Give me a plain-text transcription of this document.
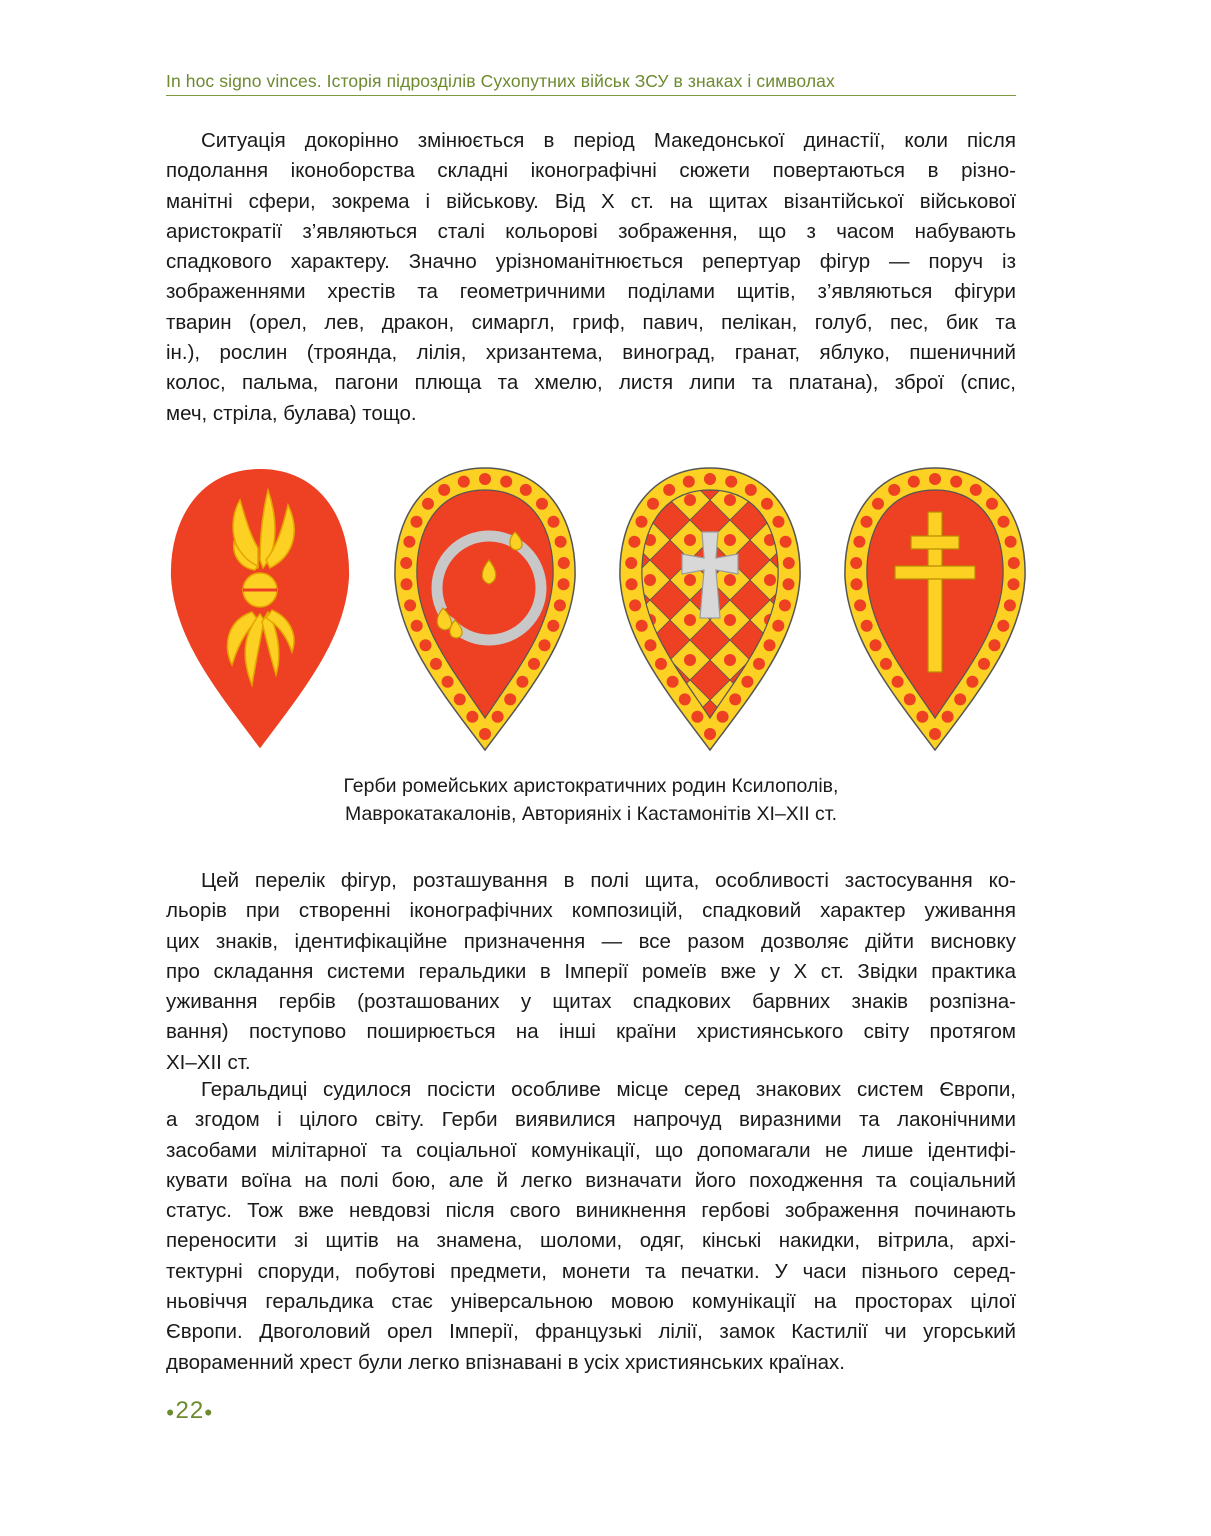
In hoc signo vinces. Історія підрозділів Сухопутних військ ЗСУ в знаках і символах
Ситуація докорінно змінюється в період Македонської династії, коли після
подолання іконоборства складні іконографічні сюжети повертаються в різно-
манітні сфери, зокрема і військову. Від Х ст. на щитах візантійської військової
аристократії з’являються сталі кольорові зображення, що з часом набувають
спадкового характеру. Значно урізноманітнюється репертуар фігур — поруч із
зображеннями хрестів та геометричними поділами щитів, з’являються фігури
тварин (орел, лев, дракон, симаргл, гриф, павич, пелікан, голуб, пес, бик та
ін.), рослин (троянда, лілія, хризантема, виноград, гранат, яблуко, пшеничний
колос, пальма, пагони плюща та хмелю, листя липи та платана), зброї (спис,
меч, стріла, булава) тощо.
Герби ромейських аристократичних родин Ксилополів,
Маврокатакалонів, Авторияніх і Кастамонітів ХІ–ХІІ ст.
Цей перелік фігур, розташування в полі щита, особливості застосування ко-
льорів при створенні іконографічних композицій, спадковий характер уживання
цих знаків, ідентифікаційне призначення — все разом дозволяє дійти висновку
про складання системи геральдики в Імперії ромеїв вже у Х ст. Звідки практика
уживання гербів (розташованих у щитах спадкових барвних знаків розпізна-
вання) поступово поширюється на інші країни християнського світу протягом
ХІ–ХІІ ст.
Геральдиці судилося посісти особливе місце серед знакових систем Європи,
а згодом і цілого світу. Герби виявилися напрочуд виразними та лаконічними
засобами мілітарної та соціальної комунікації, що допомагали не лише ідентифі-
кувати воїна на полі бою, але й легко визначати його походження та соціальний
статус. Тож вже невдовзі після свого виникнення гербові зображення починають
переносити зі щитів на знамена, шоломи, одяг, кінські накидки, вітрила, архі-
тектурні споруди, побутові предмети, монети та печатки. У часи пізнього серед-
ньовіччя геральдика стає універсальною мовою комунікації на просторах цілої
Європи. Двоголовий орел Імперії, французькі лілії, замок Кастилії чи угорський
двораменний хрест були легко впізнавані в усіх християнських країнах.
●22●
